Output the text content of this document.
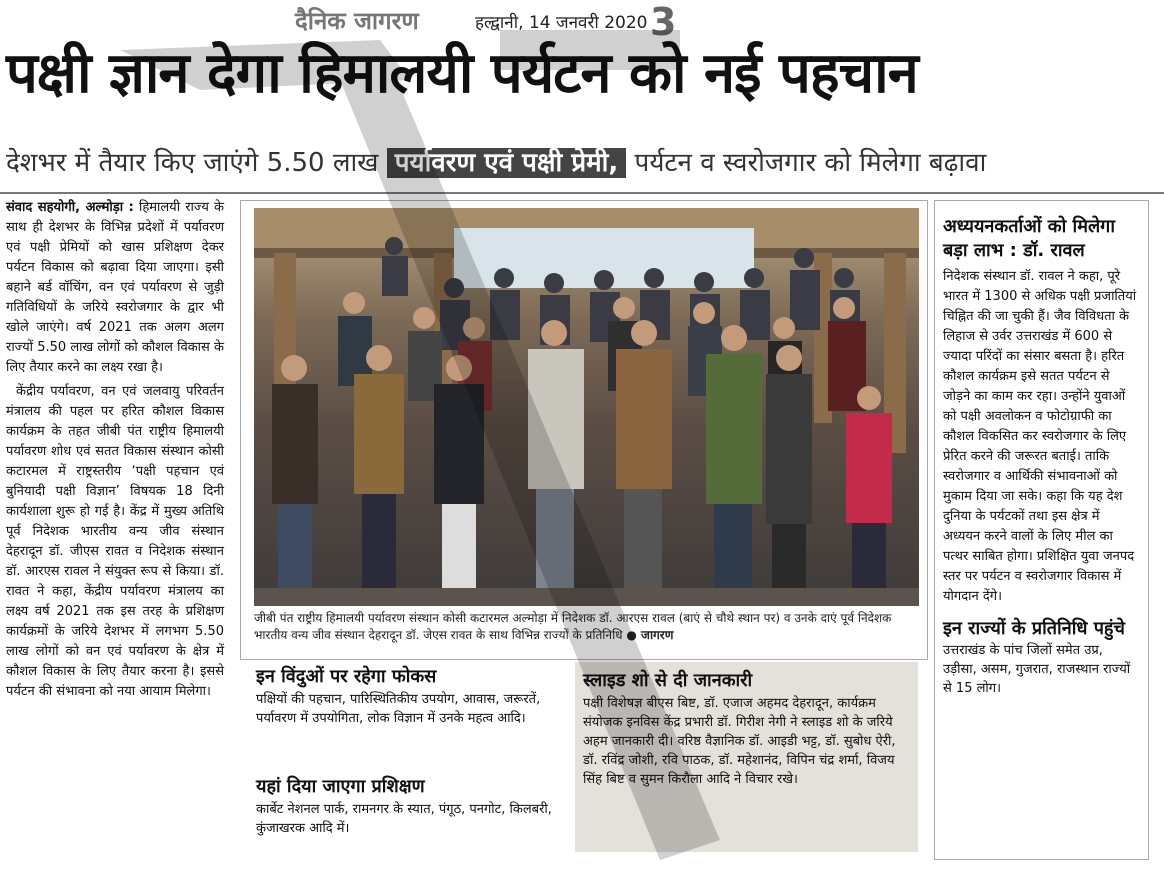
दैनिक जागरण	हल्द्वानी, 14 जनवरी 2020 3
पक्षी ज्ञान देगा हिमालयी पर्यटन को नई पहचान
देशभर में तैयार किए जाएंगे 5.50 लाख पर्यावरण एवं पक्षी प्रेमी, पर्यटन व स्वरोजगार को मिलेगा बढ़ावा

संवाद सहयोगी, अल्मोड़ा : हिमालयी राज्य के साथ ही देशभर के विभिन्न प्रदेशों में पर्यावरण एवं पक्षी प्रेमियों को खास प्रशिक्षण देकर पर्यटन विकास को बढ़ावा दिया जाएगा। इसी बहाने बर्ड वॉचिंग, वन एवं पर्यावरण से जुड़ी गतिविधियों के जरिये स्वरोजगार के द्वार भी खोले जाएंगे। वर्ष 2021 तक अलग अलग राज्यों 5.50 लाख लोगों को कौशल विकास के लिए तैयार करने का लक्ष्य रखा है।

केंद्रीय पर्यावरण, वन एवं जलवायु परिवर्तन मंत्रालय की पहल पर हरित कौशल विकास कार्यक्रम के तहत जीबी पंत राष्ट्रीय हिमालयी पर्यावरण शोध एवं सतत विकास संस्थान कोसी कटारमल में राष्ट्रस्तरीय ‘पक्षी पहचान एवं बुनियादी पक्षी विज्ञान’ विषयक 18 दिनी कार्यशाला शुरू हो गई है। केंद्र में मुख्य अतिथि पूर्व निदेशक भारतीय वन्य जीव संस्थान देहरादून डॉ. जीएस रावत व निदेशक संस्थान डॉ. आरएस रावल ने संयुक्त रूप से किया। डॉ. रावत ने कहा, केंद्रीय पर्यावरण मंत्रालय का लक्ष्य वर्ष 2021 तक इस तरह के प्रशिक्षण कार्यक्रमों के जरिये देशभर में लगभग 5.50 लाख लोगों को वन एवं पर्यावरण के क्षेत्र में कौशल विकास के लिए तैयार करना है। इससे पर्यटन की संभावना को नया आयाम मिलेगा।

जीबी पंत राष्ट्रीय हिमालयी पर्यावरण संस्थान कोसी कटारमल अल्मोड़ा में निदेशक डॉ. आरएस रावल (बाएं से चौथे स्थान पर) व उनके दाएं पूर्व निदेशक भारतीय वन्य जीव संस्थान देहरादून डॉ. जेएस रावत के साथ विभिन्न राज्यों के प्रतिनिधि ● जागरण
इन विंदुओं पर रहेगा फोकस

पक्षियों की पहचान, पारिस्थितिकीय उपयोग, आवास, जरूरतें, पर्यावरण में उपयोगिता, लोक विज्ञान में उनके महत्व आदि।

यहां दिया जाएगा प्रशिक्षण

कार्बेट नेशनल पार्क, रामनगर के स्यात, पंगूठ, पनगोट, किलबरी, कुंजाखरक आदि में।

स्लाइड शो से दी जानकारी

पक्षी विशेषज्ञ बीएस बिष्ट, डॉ. एजाज अहमद देहरादून, कार्यक्रम संयोजक इनविस केंद्र प्रभारी डॉ. गिरीश नेगी ने स्लाइड शो के जरिये अहम जानकारी दी। वरिष्ठ वैज्ञानिक डॉ. आइडी भट्ट, डॉ. सुबोध ऐरी, डॉ. रविंद्र जोशी, रवि पाठक, डॉ. महेशानंद, विपिन चंद्र शर्मा, विजय सिंह बिष्ट व सुमन किरौला आदि ने विचार रखे।

अध्ययनकर्ताओं को मिलेगा बड़ा लाभ : डॉ. रावल
निदेशक संस्थान डॉ. रावल ने कहा, पूरे भारत में 1300 से अधिक पक्षी प्रजातियां चिह्नित की जा चुकी हैं। जैव विविधता के लिहाज से उर्वर उत्तराखंड में 600 से ज्यादा परिंदों का संसार बसता है। हरित कौशल कार्यक्रम इसे सतत पर्यटन से जोड़ने का काम कर रहा। उन्होंने युवाओं को पक्षी अवलोकन व फोटोग्राफी का कौशल विकसित कर स्वरोजगार के लिए प्रेरित करने की जरूरत बताई। ताकि स्वरोजगार व आर्थिकी संभावनाओं को मुकाम दिया जा सके। कहा कि यह देश दुनिया के पर्यटकों तथा इस क्षेत्र में अध्ययन करने वालों के लिए मील का पत्थर साबित होगा। प्रशिक्षित युवा जनपद स्तर पर पर्यटन व स्वरोजगार विकास में योगदान देंगे।
इन राज्यों के प्रतिनिधि पहुंचे

उत्तराखंड के पांच जिलों समेत उप्र, उड़ीसा, असम, गुजरात, राजस्थान राज्यों से 15 लोग।
